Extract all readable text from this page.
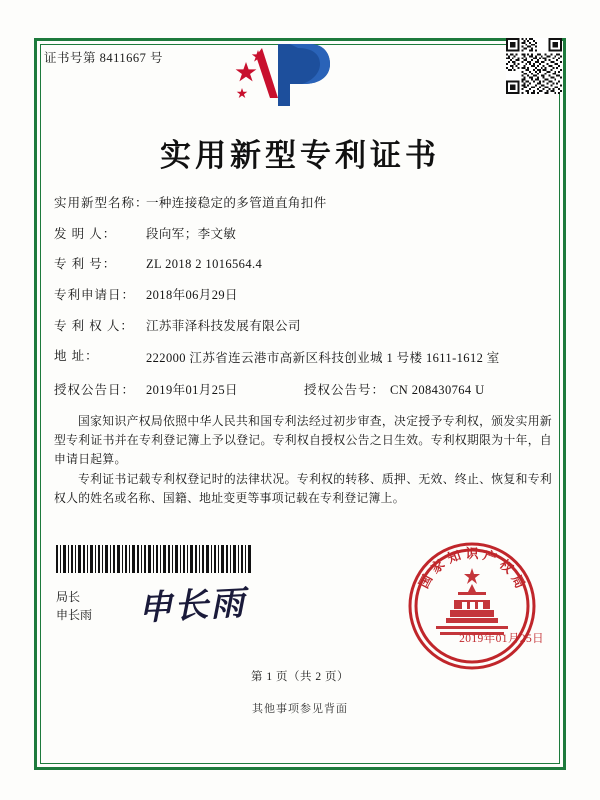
证书号第 8411667 号
实用新型专利证书
实用新型名称：
一种连接稳定的多管道直角扣件
发 明 人：	段向军；李文敏
专 利 号：	ZL 2018 2 1016564.4
专利申请日： 2018年06月29日
专 利 权 人： 江苏菲泽科技发展有限公司
地 址：	222000 江苏省连云港市高新区科技创业城 1 号楼 1611-1612 室
授权公告日： 2019年01月25日	授权公告号： CN 208430764 U

国家知识产权局依照中华人民共和国专利法经过初步审查，决定授予专利权，颁发实用新型专利证书并在专利登记簿上予以登记。专利权自授权公告之日生效。专利权期限为十年，自申请日起算。

专利证书记载专利权登记时的法律状况。专利权的转移、质押、无效、终止、恢复和专利权人的姓名或名称、国籍、地址变更等事项记载在专利登记簿上。

国
家
知 识 产
权
局
2019年01月25日
局长
申长雨 申长雨
第 1 页（共 2 页）
其他事项参见背面
